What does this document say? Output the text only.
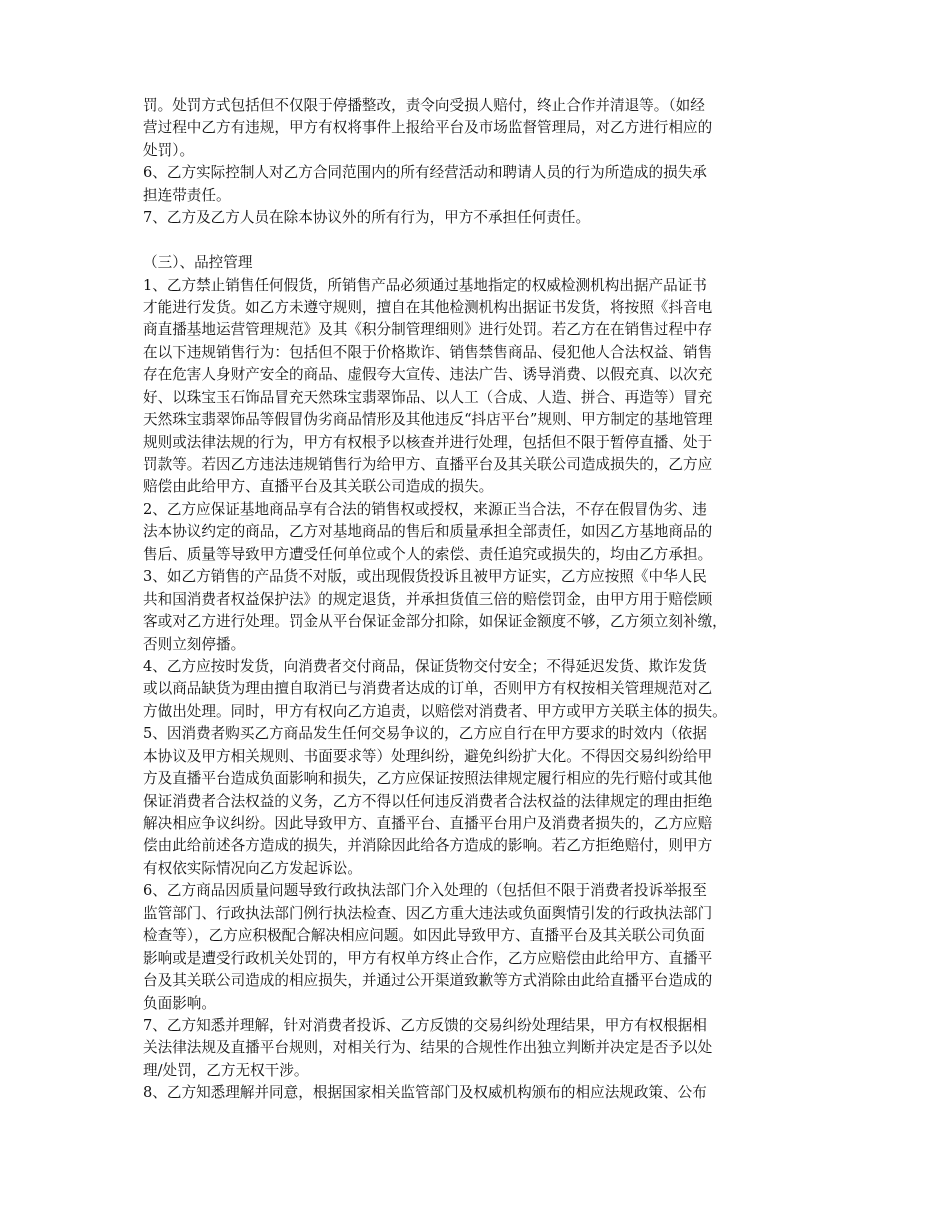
罚。处罚方式包括但不仅限于停播整改，责令向受损人赔付，终止合作并清退等。（如经
营过程中乙方有违规，甲方有权将事件上报给平台及市场监督管理局，对乙方进行相应的
处罚）。
6、乙方实际控制人对乙方合同范围内的所有经营活动和聘请人员的行为所造成的损失承
担连带责任。
7、乙方及乙方人员在除本协议外的所有行为，甲方不承担任何责任。
（三）、品控管理
1、乙方禁止销售任何假货，所销售产品必须通过基地指定的权威检测机构出据产品证书
才能进行发货。如乙方未遵守规则，擅自在其他检测机构出据证书发货，将按照《抖音电
商直播基地运营管理规范》及其《积分制管理细则》进行处罚。若乙方在在销售过程中存
在以下违规销售行为：包括但不限于价格欺诈、销售禁售商品、侵犯他人合法权益、销售
存在危害人身财产安全的商品、虚假夸大宣传、违法广告、诱导消费、以假充真、以次充
好、以珠宝玉石饰品冒充天然珠宝翡翠饰品、以人工（合成、人造、拼合、再造等）冒充
天然珠宝翡翠饰品等假冒伪劣商品情形及其他违反“抖店平台”规则、甲方制定的基地管理
规则或法律法规的行为，甲方有权根予以核查并进行处理，包括但不限于暂停直播、处于
罚款等。若因乙方违法违规销售行为给甲方、直播平台及其关联公司造成损失的，乙方应
赔偿由此给甲方、直播平台及其关联公司造成的损失。
2、乙方应保证基地商品享有合法的销售权或授权，来源正当合法，不存在假冒伪劣、违
法本协议约定的商品，乙方对基地商品的售后和质量承担全部责任，如因乙方基地商品的
售后、质量等导致甲方遭受任何单位或个人的索偿、责任追究或损失的，均由乙方承担。
3、如乙方销售的产品货不对版，或出现假货投诉且被甲方证实，乙方应按照《中华人民
共和国消费者权益保护法》的规定退货，并承担货值三倍的赔偿罚金，由甲方用于赔偿顾
客或对乙方进行处理。罚金从平台保证金部分扣除，如保证金额度不够，乙方须立刻补缴，
否则立刻停播。
4、乙方应按时发货，向消费者交付商品，保证货物交付安全；不得延迟发货、欺诈发货
或以商品缺货为理由擅自取消已与消费者达成的订单，否则甲方有权按相关管理规范对乙
方做出处理。同时，甲方有权向乙方追责，以赔偿对消费者、甲方或甲方关联主体的损失。
5、因消费者购买乙方商品发生任何交易争议的，乙方应自行在甲方要求的时效内（依据
本协议及甲方相关规则、书面要求等）处理纠纷，避免纠纷扩大化。不得因交易纠纷给甲
方及直播平台造成负面影响和损失，乙方应保证按照法律规定履行相应的先行赔付或其他
保证消费者合法权益的义务，乙方不得以任何违反消费者合法权益的法律规定的理由拒绝
解决相应争议纠纷。因此导致甲方、直播平台、直播平台用户及消费者损失的，乙方应赔
偿由此给前述各方造成的损失，并消除因此给各方造成的影响。若乙方拒绝赔付，则甲方
有权依实际情况向乙方发起诉讼。
6、乙方商品因质量问题导致行政执法部门介入处理的（包括但不限于消费者投诉举报至
监管部门、行政执法部门例行执法检查、因乙方重大违法或负面舆情引发的行政执法部门
检查等），乙方应积极配合解决相应问题。如因此导致甲方、直播平台及其关联公司负面
影响或是遭受行政机关处罚的，甲方有权单方终止合作，乙方应赔偿由此给甲方、直播平
台及其关联公司造成的相应损失，并通过公开渠道致歉等方式消除由此给直播平台造成的
负面影响。
7、乙方知悉并理解，针对消费者投诉、乙方反馈的交易纠纷处理结果，甲方有权根据相
关法律法规及直播平台规则，对相关行为、结果的合规性作出独立判断并决定是否予以处
理/处罚，乙方无权干涉。
8、乙方知悉理解并同意，根据国家相关监管部门及权威机构颁布的相应法规政策、公布
